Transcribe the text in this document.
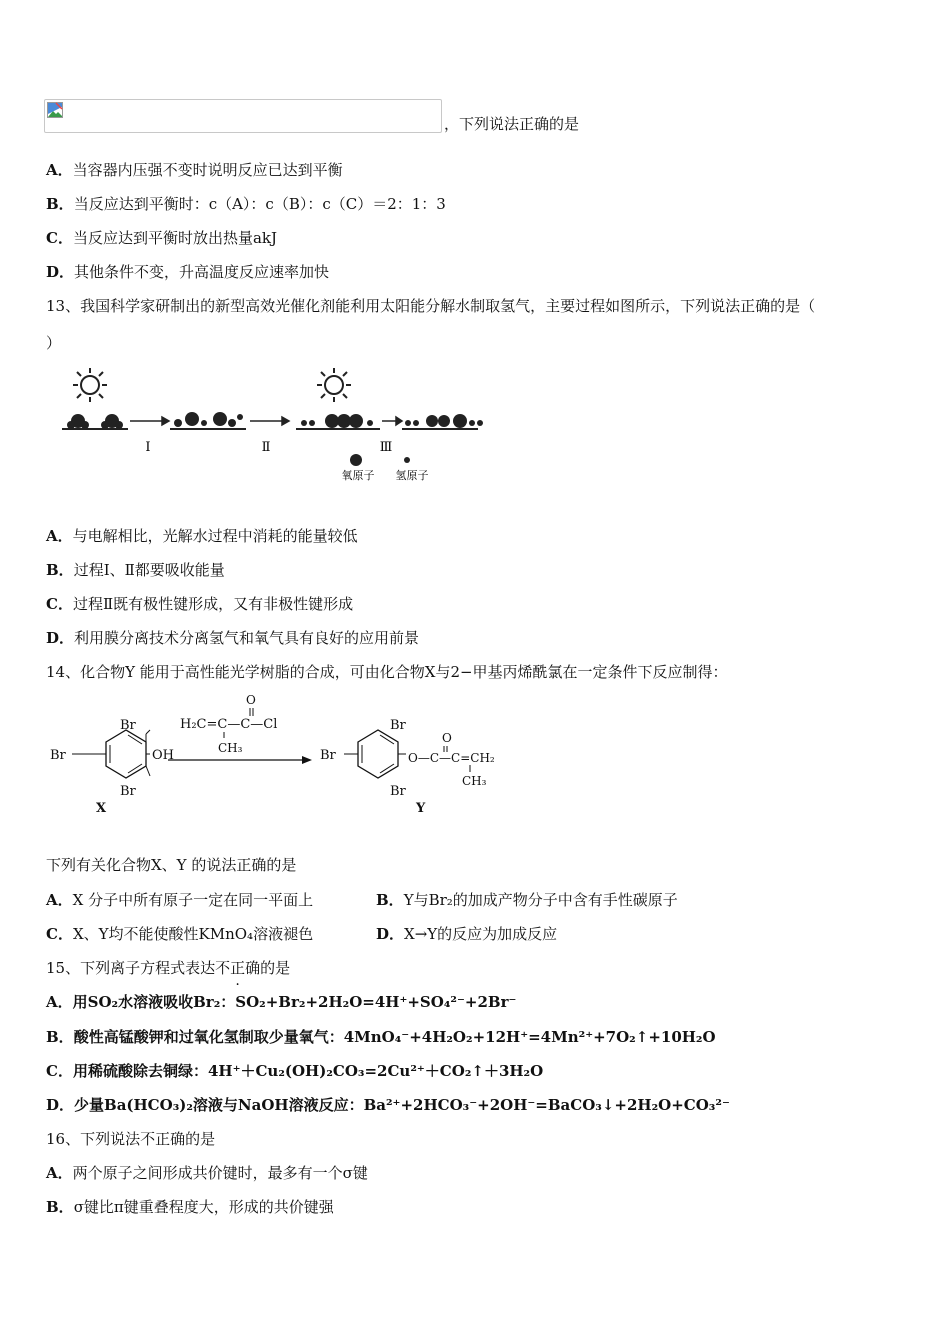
，下列说法正确的是
A．当容器内压强不变时说明反应已达到平衡
B．当反应达到平衡时：c（A）：c（B）：c（C）＝2：1：3
C．当反应达到平衡时放出热量akJ
D．其他条件不变，升高温度反应速率加快
13、我国科学家研制出的新型高效光催化剂能利用太阳能分解水制取氢气，主要过程如图所示，下列说法正确的是（
）
Ⅰ	Ⅱ	Ⅲ
氧原子 氢原子
A．与电解相比，光解水过程中消耗的能量较低
B．过程Ⅰ、Ⅱ都要吸收能量
C．过程Ⅱ既有极性键形成，又有非极性键形成
D．利用膜分离技术分离氢气和氧气具有良好的应用前景
14、化合物Y 能用于高性能光学树脂的合成，可由化合物X与2−甲基丙烯酰氯在一定条件下反应制得：
Br
Br	OH
Br
X
O
H₂C=C—C—Cl
CH₃
Br
Br
Br
O
O—C—C=CH₂
CH₃
Y
下列有关化合物X、Y 的说法正确的是
A．X 分子中所有原子一定在同一平面上	B．Y与Br₂的加成产物分子中含有手性碳原子
C．X、Y均不能使酸性KMnO₄溶液褪色	D．X→Y的反应为加成反应
15、下列离子方程式表达不正确的是
A．用SO₂水溶液吸收Br₂：SO₂+Br₂+2H₂O=4H⁺+SO₄²⁻+2Br⁻
B．酸性高锰酸钾和过氧化氢制取少量氧气：4MnO₄⁻+4H₂O₂+12H⁺=4Mn²⁺+7O₂↑+10H₂O
C．用稀硫酸除去铜绿：4H⁺＋Cu₂(OH)₂CO₃=2Cu²⁺＋CO₂↑＋3H₂O
D．少量Ba(HCO₃)₂溶液与NaOH溶液反应：Ba²⁺+2HCO₃⁻+2OH⁻=BaCO₃↓+2H₂O+CO₃²⁻
16、下列说法不正确的是
A．两个原子之间形成共价键时，最多有一个σ键
B．σ键比π键重叠程度大，形成的共价键强
